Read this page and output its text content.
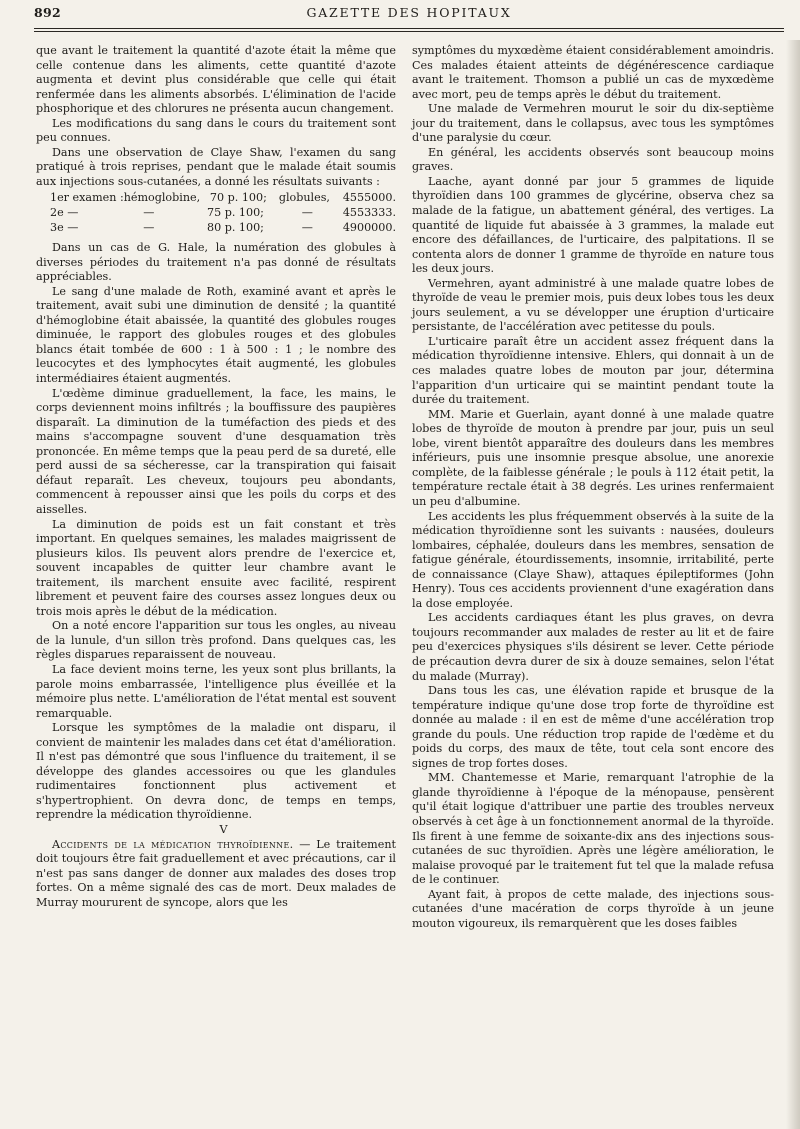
892	GAZETTE DES HOPITAUX

que avant le traitement la quantité d'azote était la même que celle contenue dans les aliments, cette quantité d'azote augmenta et devint plus considérable que celle qui était renfermée dans les aliments absorbés. L'élimination de l'acide phosphorique et des chlorures ne présenta aucun changement.

Les modifications du sang dans le cours du traitement sont peu connues.

Dans une observation de Claye Shaw, l'examen du sang pratiqué à trois reprises, pendant que le malade était soumis aux injections sous-cutanées, a donné les résultats suivants :

1er examen : hémoglobine, 70 p. 100;	globules,	4555000.
2e —	—	75 p. 100;	—	4553333.
3e —	—	80 p. 100;	—	4900000.

Dans un cas de G. Hale, la numération des globules à diverses périodes du traitement n'a pas donné de résultats appréciables.

Le sang d'une malade de Roth, examiné avant et après le traitement, avait subi une diminution de densité ; la quantité d'hémoglobine était abaissée, la quantité des globules rouges diminuée, le rapport des globules rouges et des globules blancs était tombée de 600 : 1 à 500 : 1 ; le nombre des leucocytes et des lymphocytes était augmenté, les globules intermédiaires étaient augmentés.

L'œdème diminue graduellement, la face, les mains, le corps deviennent moins infiltrés ; la bouffissure des paupières disparaît. La diminution de la tuméfaction des pieds et des mains s'accompagne souvent d'une desquamation très prononcée. En même temps que la peau perd de sa dureté, elle perd aussi de sa sécheresse, car la transpiration qui faisait défaut reparaît. Les cheveux, toujours peu abondants, commencent à repousser ainsi que les poils du corps et des aisselles.

La diminution de poids est un fait constant et très important. En quelques semaines, les malades maigrissent de plusieurs kilos. Ils peuvent alors prendre de l'exercice et, souvent incapables de quitter leur chambre avant le traitement, ils marchent ensuite avec facilité, respirent librement et peuvent faire des courses assez longues deux ou trois mois après le début de la médication.

On a noté encore l'apparition sur tous les ongles, au niveau de la lunule, d'un sillon très profond. Dans quelques cas, les règles disparues reparaissent de nouveau.

La face devient moins terne, les yeux sont plus brillants, la parole moins embarrassée, l'intelligence plus éveillée et la mémoire plus nette. L'amélioration de l'état mental est souvent remarquable.

Lorsque les symptômes de la maladie ont disparu, il convient de maintenir les malades dans cet état d'amélioration. Il n'est pas démontré que sous l'influence du traitement, il se développe des glandes accessoires ou que les glandules rudimentaires fonctionnent plus activement et s'hypertrophient. On devra donc, de temps en temps, reprendre la médication thyroïdienne.

V

Accidents de la médication thyroïdienne. — Le traitement doit toujours être fait graduellement et avec précautions, car il n'est pas sans danger de donner aux malades des doses trop fortes. On a même signalé des cas de mort. Deux malades de Murray moururent de syncope, alors que les

symptômes du myxœdème étaient considérablement amoindris. Ces malades étaient atteints de dégénérescence cardiaque avant le traitement. Thomson a publié un cas de myxœdème avec mort, peu de temps après le début du traitement.

Une malade de Vermehren mourut le soir du dix-septième jour du traitement, dans le collapsus, avec tous les symptômes d'une paralysie du cœur.

En général, les accidents observés sont beaucoup moins graves.

Laache, ayant donné par jour 5 grammes de liquide thyroïdien dans 100 grammes de glycérine, observa chez sa malade de la fatigue, un abattement général, des vertiges. La quantité de liquide fut abaissée à 3 grammes, la malade eut encore des défaillances, de l'urticaire, des palpitations. Il se contenta alors de donner 1 gramme de thyroïde en nature tous les deux jours.

Vermehren, ayant administré à une malade quatre lobes de thyroïde de veau le premier mois, puis deux lobes tous les deux jours seulement, a vu se développer une éruption d'urticaire persistante, de l'accélération avec petitesse du pouls.

L'urticaire paraît être un accident assez fréquent dans la médication thyroïdienne intensive. Ehlers, qui donnait à un de ces malades quatre lobes de mouton par jour, détermina l'apparition d'un urticaire qui se maintint pendant toute la durée du traitement.

MM. Marie et Guerlain, ayant donné à une malade quatre lobes de thyroïde de mouton à prendre par jour, puis un seul lobe, virent bientôt apparaître des douleurs dans les membres inférieurs, puis une insomnie presque absolue, une anorexie complète, de la faiblesse générale ; le pouls à 112 était petit, la température rectale était à 38 degrés. Les urines renfermaient un peu d'albumine.

Les accidents les plus fréquemment observés à la suite de la médication thyroïdienne sont les suivants : nausées, douleurs lombaires, céphalée, douleurs dans les membres, sensation de fatigue générale, étourdissements, insomnie, irritabilité, perte de connaissance (Claye Shaw), attaques épileptiformes (John Henry). Tous ces accidents proviennent d'une exagération dans la dose employée.

Les accidents cardiaques étant les plus graves, on devra toujours recommander aux malades de rester au lit et de faire peu d'exercices physiques s'ils désirent se lever. Cette période de précaution devra durer de six à douze semaines, selon l'état du malade (Murray).

Dans tous les cas, une élévation rapide et brusque de la température indique qu'une dose trop forte de thyroïdine est donnée au malade : il en est de même d'une accélération trop grande du pouls. Une réduction trop rapide de l'œdème et du poids du corps, des maux de tête, tout cela sont encore des signes de trop fortes doses.

MM. Chantemesse et Marie, remarquant l'atrophie de la glande thyroïdienne à l'époque de la ménopause, pensèrent qu'il était logique d'attribuer une partie des troubles nerveux observés à cet âge à un fonctionnement anormal de la thyroïde. Ils firent à une femme de soixante-dix ans des injections sous-cutanées de suc thyroïdien. Après une légère amélioration, le malaise provoqué par le traitement fut tel que la malade refusa de le continuer.

Ayant fait, à propos de cette malade, des injections sous-cutanées d'une macération de corps thyroïde à un jeune mouton vigoureux, ils remarquèrent que les doses faibles
